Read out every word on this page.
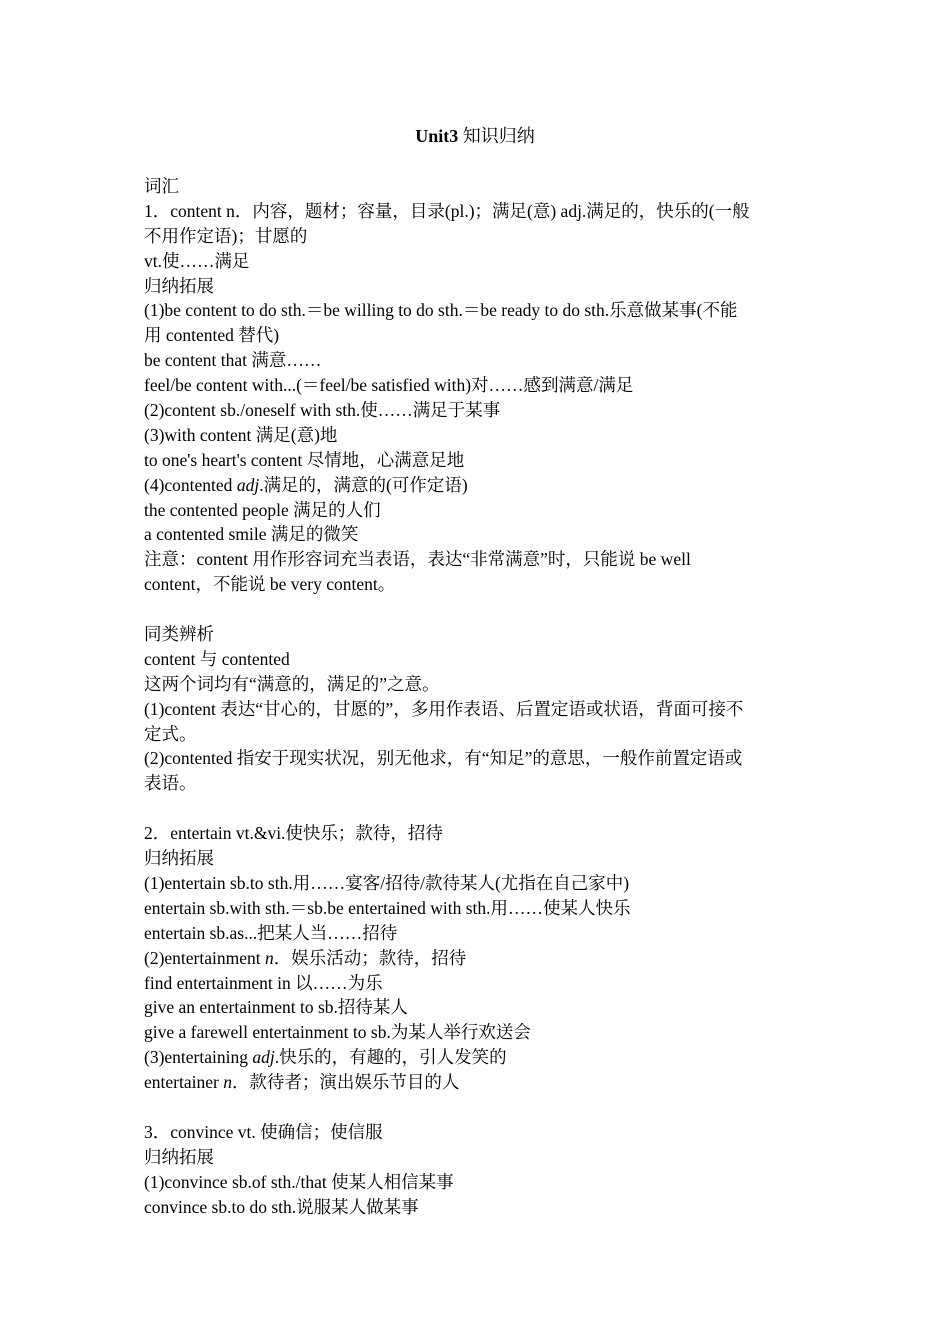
Unit3 知识归纳
词汇
1．content n．内容，题材；容量，目录(pl.)；满足(意) adj.满足的，快乐的(一般
不用作定语)；甘愿的
vt.使……满足
归纳拓展
(1)be content to do sth.＝be willing to do sth.＝be ready to do sth.乐意做某事(不能
用 contented 替代)
be content that 满意……
feel/be content with...(＝feel/be satisfied with)对……感到满意/满足
(2)content sb./oneself with sth.使……满足于某事
(3)with content 满足(意)地
to one's heart's content 尽情地，心满意足地
(4)contented adj.满足的，满意的(可作定语)
the contented people 满足的人们
a contented smile 满足的微笑
注意：content 用作形容词充当表语，表达“非常满意”时，只能说 be well
content，不能说 be very content。
同类辨析
content 与 contented
这两个词均有“满意的，满足的”之意。
(1)content 表达“甘心的，甘愿的”，多用作表语、后置定语或状语，背面可接不
定式。
(2)contented 指安于现实状况，别无他求，有“知足”的意思，一般作前置定语或
表语。
2．entertain vt.&vi.使快乐；款待，招待
归纳拓展
(1)entertain sb.to sth.用……宴客/招待/款待某人(尤指在自己家中)
entertain sb.with sth.＝sb.be entertained with sth.用……使某人快乐
entertain sb.as...把某人当……招待
(2)entertainment n．娱乐活动；款待，招待
find entertainment in 以……为乐
give an entertainment to sb.招待某人
give a farewell entertainment to sb.为某人举行欢送会
(3)entertaining adj.快乐的，有趣的，引人发笑的
entertainer n．款待者；演出娱乐节目的人
3．convince vt. 使确信；使信服
归纳拓展
(1)convince sb.of sth./that 使某人相信某事
convince sb.to do sth.说服某人做某事
